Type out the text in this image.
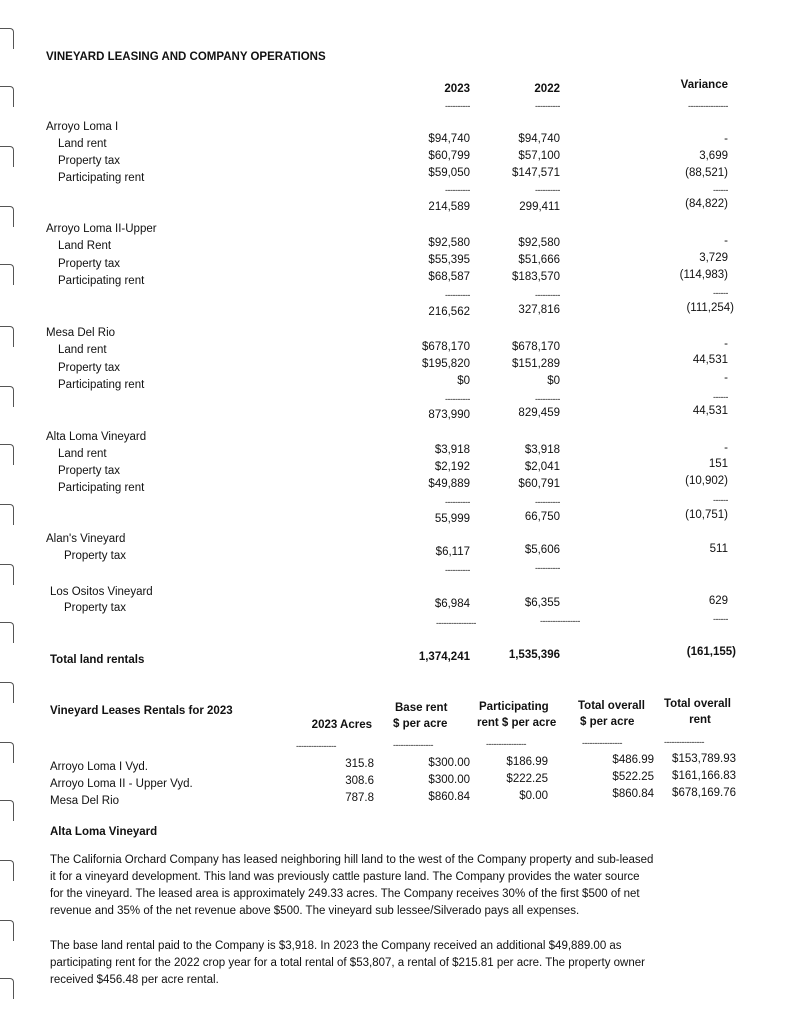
VINEYARD LEASING AND COMPANY OPERATIONS
2023	2022	Variance
----------	----------	----------------
Arroyo Loma I
Land rent	$94,740	$94,740	-
Property tax	$60,799	$57,100	3,699
Participating rent	$59,050	$147,571	(88,521)
----------	----------	------
214,589	299,411	(84,822)
Arroyo Loma II-Upper
Land Rent	$92,580	$92,580	-
Property tax	$55,395	$51,666	3,729
Participating rent	$68,587	$183,570	(114,983)
----------	----------	------
216,562	327,816	(111,254)
Mesa Del Rio
Land rent	$678,170	$678,170	-
Property tax	$195,820	$151,289	44,531
Participating rent	$0	$0	-
----------	----------	------
873,990	829,459	44,531
Alta Loma Vineyard
Land rent	$3,918	$3,918	-
Property tax	$2,192	$2,041	151
Participating rent	$49,889	$60,791	(10,902)
----------	----------	------
55,999	66,750	(10,751)
Alan's Vineyard
Property tax	$6,117	$5,606	511
----------	----------
Los Ositos Vineyard
Property tax	$6,984	$6,355	629
----------------	----------------	------
Total land rentals	1,374,241	1,535,396	(161,155)
Vineyard Leases Rentals for 2023
2023 Acres
Base rent
$ per acre
Participating
rent $ per acre
Total overall
$ per acre
Total overall
rent
----------------	----------------	----------------	----------------	----------------
Arroyo Loma I Vyd.	315.8	$300.00	$186.99	$486.99	$153,789.93
Arroyo Loma II - Upper Vyd.	308.6	$300.00	$222.25	$522.25	$161,166.83
Mesa Del Rio	787.8	$860.84	$0.00	$860.84	$678,169.76
Alta Loma Vineyard
The California Orchard Company has leased neighboring hill land to the west of the Company property and sub-leased
it for a vineyard development. This land was previously cattle pasture land. The Company provides the water source
for the vineyard. The leased area is approximately 249.33 acres. The Company receives 30% of the first $500 of net
revenue and 35% of the net revenue above $500. The vineyard sub lessee/Silverado pays all expenses.
The base land rental paid to the Company is $3,918. In 2023 the Company received an additional $49,889.00 as
participating rent for the 2022 crop year for a total rental of $53,807, a rental of $215.81 per acre. The property owner
received $456.48 per acre rental.
